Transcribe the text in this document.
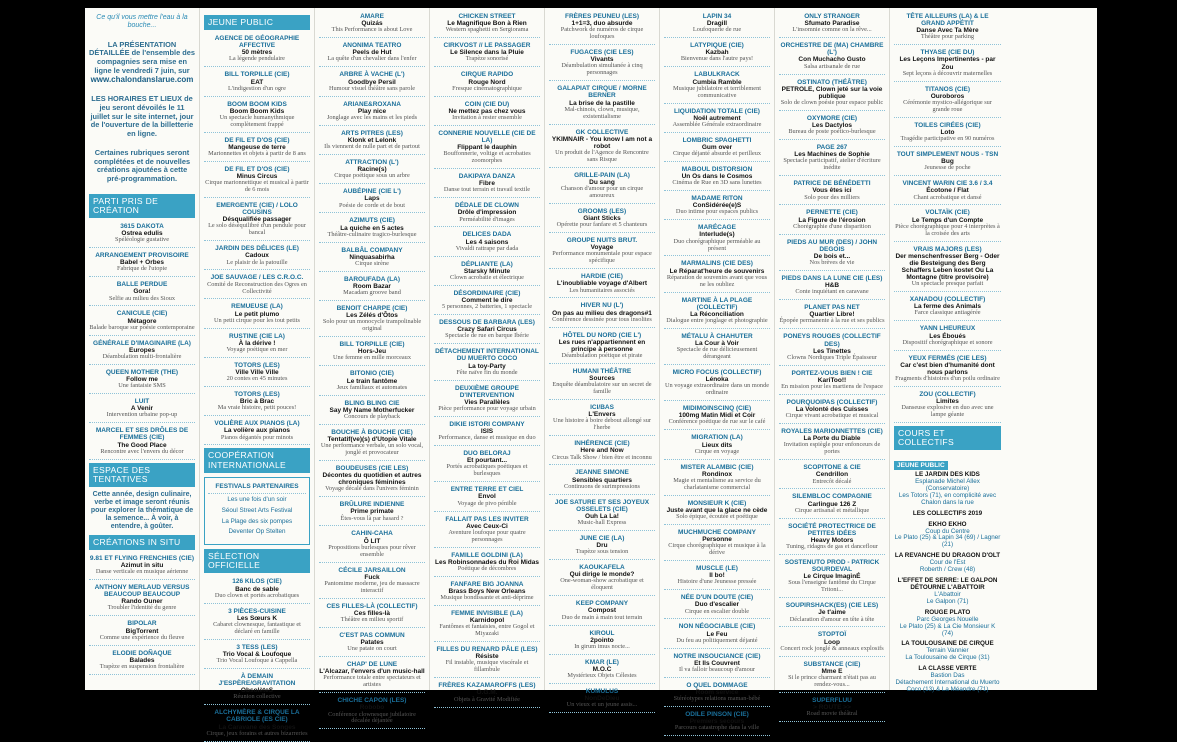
Ce qu'il vous mettre l'eau à la bouche...

LA PRÉSENTATION DÉTAILLÉE de l'ensemble des compagnies sera mise en ligne le vendredi 7 juin, sur
www.chalondanslarue.com

LES HORAIRES ET LIEUX de jeu seront dévoilés le 11 juillet sur le site internet, jour de l'ouverture de la billetterie en ligne.

Certaines rubriques seront complétées et de nouvelles créations ajoutées à cette pré-programmation.

PARTI PRIS DE CRÉATION
3615 DAKOTA
Ostrea edulis
Spéléologie gustative
ARRANGEMENT PROVISOIRE
Babel + Orbes
Fabrique de l'utopie
BALLE PERDUE
Gora!
Selfie au milieu des Sioux
CANICULE (CIE)
Métagore
Balade baroque sur poésie contemporaine
GÉNÉRALE D'IMAGINAIRE (LA)
Europes
Déambulation multi-frontalière
QUEEN MOTHER (THE)
Follow me
Une fantaisie SMS
LUIT
A Venir
Intervention urbaine pop-up
MARCEL ET SES DRÔLES DE FEMMES (CIE)
The Good Place
Rencontre avec l'envers du décor
ESPACE DES TENTATIVES
Cette année, design culinaire, verbe et image seront réunis pour explorer la thématique de la semence... À voir, à entendre, à goûter.
CRÉATIONS IN SITU
9.81 ET FLYING FRENCHIES (CIE)
Azimut in situ
Danse verticale en musique aérienne
ANTHONY MERLAUD VERSUS BEAUCOUP BEAUCOUP
Rando Ouner
Troubler l'identité du genre
BIPOLAR
BigTorrent
Comme une expérience du fleuve
ELODIE DOÑAQUE
Balades
Trapèze en suspension frontalière
JEUNE PUBLIC
AGENCE DE GÉOGRAPHIE AFFECTIVE
50 mètres
La légende pendulaire
BILL TORPILLE (CIE)
EAT
L'indigestion d'un ogre
BOOM BOOM KIDS
Boom Boom Kids
Un spectacle humanythmique complètement frappé
DE FIL ET D'OS (CIE)
Mangeuse de terre
Marionnettes et objets à partir de 8 ans
DE FIL ET D'OS (CIE)
Minus Circus
Cirque marionnettique et musical à partir de 6 mois
EMERGENTE (CIE) / LOLO COUSINS
Désqualifiée passager
Le solo déséquilibré d'un pendule pour bancal
JARDIN DES DÉLICES (LE)
Cadoux
Le plaisir de la patouille
JOE SAUVAGE / LES C.R.O.C.
Comité de Reconstruction des Ogres en Collectivité
REMUEUSE (LA)
Le petit plumo
Un petit cirque pour les tout petits
RUSTINE (CIE LA)
À la dérive !
Voyage poétique en mer
TOTORS (LES)
Ville Ville Ville
20 contes en 45 minutes
TOTORS (LES)
Bric à Brac
Ma vraie histoire, petit pouces!
VOLIÈRE AUX PIANOS (LA)
La volière aux pianos
Pianos dégantés pour minots
COOPÉRATION INTERNATIONALE
FESTIVALS PARTENAIRES
Les une fois d'un soir
Séoul Street Arts Festival
La Plage des six pompes
Deventer Op Stelten
SÉLECTION OFFICIELLE
126 KILOS (CIE)
Banc de sable
Duo clown et portés acrobatiques
3 PIÈCES-CUISINE
Les Sœurs K
Cabaret clownesque, fantastique et déclaré en famille
3 TESS (LES)
Trio Vocal & Loufoque
Trio Vocal Loufoque à Cappella
À DEMAIN J'ESPÈRE/GRAVITATION
ObsolèteS
Réunion collective
ALCHYMÈRE & CIRQUE LA CABRIOLE (ES CIE)
La Caravane des Songes
Cirque, jeux forains et autres bizarreries
AMARE
Quizás
This Performance is about Love
ANONIMA TEATRO
Peels de Hut
La quête d'un chevalier dans l'enfer
ARBRE À VACHE (L')
Goodbye Persil
Humour visuel théâtre sans parole
ARIANE&ROXANA
Play nice
Jonglage avec les mains et les pieds
ARTS PITRES (LES)
Klonk et Lelonk
Ils viennent de nulle part et de partout
ATTRACTION (L')
Racine(s)
Cirque poétique sous un arbre
AUBÉPINE (CIE L')
Laps
Poésie de corde et de bout
AZIMUTS (CIE)
La quiche en 5 actes
Théâtre-culinaire tragico-burlesque
BALBÂL COMPANY
Ninquasabirha
Cirque sirène
BAROUFADA (LA)
Room Bazar
Macadam groove band
BENOIT CHARPE (CIE)
Les Zélés d'Ôtos
Solo pour un monocycle trampolinable original
BILL TORPILLE (CIE)
Hors-Jeu
Une femme en mille morceaux
BITONIO (CIE)
Le train fantôme
Jeux familiaux et automates
BLING BLING CIE
Say My Name Motherfucker
Concours de playback
BOUCHE À BOUCHE (CIE)
Tentatif(ve)(s) d'Utopie Vitale
Une performance verbale, un solo vocal, jonglé et provocateur
BOUDEUSES (CIE LES)
Décontes du quotidien et autres chroniques féminines
Voyage décalé dans l'univers féminin
BRÛLURE INDIENNE
Prime primate
Êtes-vous là par hasard ?
CAHIN-CAHA
Ô LIT
Propositions burlesques pour rêver ensemble
CÉCILE JARSAILLON
Fuck
Pantomime moderne, jeu de massacre interactif
CES FILLES-LÀ (COLLECTIF)
Ces filles-là
Théâtre en milieu sportif
C'EST PAS COMMUN
Patates
Une patate on court
CHAP' DE LUNE
L'Alcazar, l'envers d'un music-hall
Performance totale entre spectateurs et artistes
CHICHE CAPON (LES)
Robobo
Conférence clownesque jubilatoire décalée déjantée
CHICKEN STREET
Le Magnifique Bon à Rien
Western spaghetti en Sergiorama
CIRKVOST // LE PASSAGER
Le Silence dans la Pluie
Trapèze sonorisé
CIRQUE RAPIDO
Rouge Nord
Fresque cinématographique
COIN (CIE DU)
Ne mettez pas chez vous
Invitation à rester ensemble
CONNERIE NOUVELLE (CIE DE LA)
Flippant le dauphin
Bouffonnerie, voltige et acrobaties zoomorphes
DAKIPAYA DANZA
Fibre
Danse tout terrain et travail textile
DÉDALE DE CLOWN
Drôle d'impression
Perméabilité d'images
DELICES DADA
Les 4 saisons
Vivaldi rattrape par dada
DÉPLIANTE (LA)
Starsky Minute
Clown acrobatie et électrique
DÉSORDINAIRE (CIE)
Comment le dire
5 personnes, 2 batteries, 1 spectacle
DESSOUS DE BARBARA (LES)
Crazy Safari Circus
Spectacle de rue en barque Ibérie
DÉTACHEMENT INTERNATIONAL DU MUERTO COCO
La toy-Party
Fête naïve fin du monde
DEUXIÈME GROUPE D'INTERVENTION
Vies Parallèles
Pièce performance pour voyage urbain
DIKIE ISTORI COMPANY
ISIS
Performance, danse et musique en duo
DUO BELORAJ
Et pourtant...
Portés acrobatiques poétiques et burlesques
ENTRE TERRE ET CIEL
Envol
Voyage de pivo pénible
FALLAIT PAS LES INVITER
Avec Ceux-Ci
Aventure loufoque pour quatre personnages
FAMILLE GOLDINI (LA)
Les Robinsonnades du Roi Midas
Poétique de décombres
FANFARE BIG JOANNA
Brass Boys New Orleans
Musique bondissante et anti-déprime
FEMME INVISIBLE (LA)
Karnidopol
Fantômes et fantaisies, entre Gogol et Miyazaki
FILLES DU RENARD PÂLE (LES)
Résiste
Fil instable, musique viscérale et fillambule
FRÈRES KAZAMAROFFS (LES)
O.G.M.
Objets à Gravité Modifiée
FRÈRES PEUNEU (LES)
1+1=3, duo absurde
Patchwork de numéros de cirque loufoques
FUGACES (CIE LES)
Vivants
Déambulation simultanée à cinq personnages
GALAPIAT CIRQUE / MORNE BERNER
La brise de la pastille
Mal-chinois, clown, musique, existentialisme
GK COLLECTIVE
YKIMNAIR - You know I am not a robot
Un produit de l'Agence de Rencontre sans Risque
GRILLE-PAIN (LA)
Du sang
Chanson d'amour pour un cirque amoureux
GROOMS (LES)
Giant Sticks
Opérette pour fanfare et 5 chanteurs
GROUPE NUITS BRUT.
Voyage
Performance monumentale pour espace spécifique
HARDIE (CIE)
L'inoubliable voyage d'Albert
Les humanitaires associés
HIVER NU (L')
On pas au milieu des dragons#1
Conférence dessinée pour tous insolites
HÔTEL DU NORD (CIE L')
Les rues n'appartiennent en principe à personne
Déambulation poétique et pirate
HUMANI THÉÂTRE
Sources
Enquête déambulatoire sur un secret de famille
ICI/BAS
L'Envers
Une histoire à boire debout allongé sur l'herbe
INHÉRENCE (CIE)
Here and Now
Circus Talk Show / bien être et inconnu
JEANNE SIMONE
Sensibles quartiers
Continuons de surimpressions
JOE SATURE ET SES JOYEUX OSSELETS (CIE)
Ouh La La!
Music-hall Express
JUNE CIE (LA)
Dru
Trapèze sous tension
KAOUKAFELA
Qui dirige le monde?
One-woman-show acrobatique et éloquent
KEEP COMPANY
Compost
Duo de main à main tout terrain
KIROUL
2pointo
In girum imus nocte...
KMAR (LE)
M.O.C
Mystérieux Objets Célestes
KUMULUS
NonDeDieu
Un vieux et un jeune assis...
LAPIN 34
Dragill
Loufoquerie de rue
LATYPIQUE (CIE)
Kazbah
Bienvenue dans l'autre pays!
LABULKRACK
Cumbia Ramble
Musique jubilatoire et terriblement communicative
LIQUIDATION TOTALE (CIE)
Noël autrement
Assemblée Générale extraordinaire
LOMBRIC SPAGHETTI
Gum over
Cirque déjanté absurde et perilleux
MABOUL DISTORSION
Un Os dans le Cosmos
Cinéma de Rue en 3D sans lunettes
MADAME RITON
ConSidérée(e)S
Duo intime pour espaces publics
MARÉCAGE
Interlude(s)
Duo chorégraphique perméable au présent
MARMALINS (CIE DES)
Le Réparat'heure de souvenirs
Réparation de souvenirs avant que vous ne les oubliez
MARTINE À LA PLAGE (COLLECTIF)
La Réconciliation
Dialogue entre jonglage et photographie
MÉTALU À CHAHUTER
La Cour à Voir
Spectacle de rue délicieusement dérangeant
MICRO FOCUS (COLLECTIF)
Lénoka
Un voyage extraordinaire dans un monde ordinaire
MIDIMOINSCINQ (CIE)
100mg Matin Midi et Coir
Conférence poétique de rue sur le café
MIGRATION (LA)
Lieux dits
Cirque en voyage
MISTER ALAMBIC (CIE)
Rondinox
Magie et mentalisme au service du charlatanisme commercial
MONSIEUR K (CIE)
Juste avant que la glace ne cède
Solo épique, écoutée et poétique
MUCHMUCHE COMPANY
Personne
Cirque chorégraphique et musique à la dérive
MUSCLE (LE)
Il bo!
Histoire d'une Jeunesse pressée
NÉE D'UN DOUTE (CIE)
Duo d'escalier
Cirque en escalier double
NON NÉGOCIABLE (CIE)
Le Feu
Du feu au politiquement déjanté
NOTRE INSOUCIANCE (CIE)
Et Ils Couvrent
Il va falloir beaucoup d'amour
O QUEL DOMMAGE
Room service
Stéréotypes relations maman-bébé
ODILE PINSON (CIE)
Premiers secours
Parcours catastrophe dans la ville
ONLY STRANGER
Sfumato Paradise
L'insomnie comme on la rêve...
ORCHESTRE DE (MA) CHAMBRE (L')
Con Muchacho Gusto
Salsa artisanale de rue
OSTINATO (THÉÂTRE)
PETROLE, Clown jeté sur la voie publique
Solo de clown poésie pour espace public
OXYMORE (CIE)
Les Dactylos
Bureau de poste poético-burlesque
PAGE 267
Les Machines de Sophie
Spectacle participatif, atelier d'écriture inédite
PATRICE DE BÉNÉDETTI
Vous êtes ici
Solo pour des milliers
PERNETTE (CIE)
La Figure de l'érosion
Chorégraphie d'une disparition
PIEDS AU MUR (DES) / JOHN DEGOIS
De bois et...
Nos brèves de vie
PIEDS DANS LA LUNE CIE (LES)
H&B
Conte inquiétant en caravane
PLANET PAS NET
Quartier Libre!
Épopée permanente à la rue et ses publics
PONEYS ROUGES (COLLECTIF DES)
Les Tinettes
Clowns Nordiques Triple Épaisseur
PORTEZ-VOUS BIEN ! CIE
KariToo!!
En mission pour les martiens de l'espace
POURQUOIPAS (COLLECTIF)
La Volonté des Cuisses
Cirque vivant acrobatique et musical
ROYALES MARIONNETTES (CIE)
La Porte du Diable
Invitation espiègle pour enfonceurs de portes
SCOPITONE & CIE
Cendrillon
Entrecôt décalé
SILEMBLOC COMPAGNIE
Carlingue 126 Z
Cirque artisanal et métallique
SOCIÉTÉ PROTECTRICE DE PETITES IDÉES
Heavy Motors
Tuning, ridagns de gas et danceflour
SOSTENUTO PROD - PATRICK SOURDEVAL
Le Cirque ImaginÉ
Sous l'enseigne fantôme du Cirque Tritoni...
SOUPIRSHACK(ES) (CIE LES)
Je t'aime
Déclaration d'amour en tête à tête
STOPTOÏ
Loop
Concert rock jonglé & anneaux explosifs
SUBSTANCE (CIE)
Mme E
Si le prince charmant n'était pas au rendez-vous...
SUPERFLUU
> ROUTE >>
Road movie théâtral
TÊTE AILLEURS (LA) & LE GRAND APPÉTIT
Danse Avec Ta Mère
Théâtre pour parking
THYASE (CIE DU)
Les Leçons Impertinentes - par Zou
Sept leçons à découvrir maternelles
TITANOS (CIE)
Ouroboros
Cérémonie mystico-allégorique sur grande roue
TOILES CIRÉES (CIE)
Loto
Tragédie participative en 90 numéros
TOUT SIMPLEMENT NOUS - TSN
Bug
Jeunesse de poche
VINCENT WARIN CIE 3.6 / 3.4
Écotone / Flat
Chant acrobatique et dansé
VOLTAÏK (CIE)
Le Temps d'un Compte
Pièce chorégraphique pour 4 interprètes à la croisée des arts
VRAIS MAJORS (LES)
Der menschenfresser Berg - Oder die Besteigung des Berg Schaffers Leben kostet Ou La Montagne (titre provisoire)
Un spectacle presque parfait
XANADOU (COLLECTIF)
La ferme des Animals
Farce classique antiagérée
YANN LHEUREUX
Les Éboués
Dispositif chorégraphique et sonore
YEUX FERMÉS (CIE LES)
Car c'est bien d'humanité dont nous parlons
Fragments d'histoires d'un poilu ordinaire
ZOU (COLLECTIF)
Limites
Danseuse explosive en duo avec une lampe géante
COURS ET COLLECTIFS
JEUNE PUBLIC
LE JARDIN DES KIDS
Esplanade Michel Allex (Conservatoire)
Les Totors (71), en complicité avec Chalon dans la rue
LES COLLECTIFS 2019
EKHO EKHO
Coup du Centre
Le Plato (25) & Lapin 34 (69) / Lagner (21)
LA REVANCHE DU DRAGON D'OLT
Cour de l'Est
Roberth / Crew (48)
L'EFFET DE SERRE: LE GALPON DÉTOURNE L'ABATTOIR
L'Abattoir
Le Galpon (71)
ROUGE PLATO
Parc Georges Nouelle
Le Plato (25) & La Cie Monsieur K (74)
LA TOULOUSAINE DE CIRQUE
Terrain Vannier
La Toulousaine de Cirque (31)
LA CLASSE VERTE
Bastion Das
Détachement International du Muerto Coco (13) & La Méandre (71)
